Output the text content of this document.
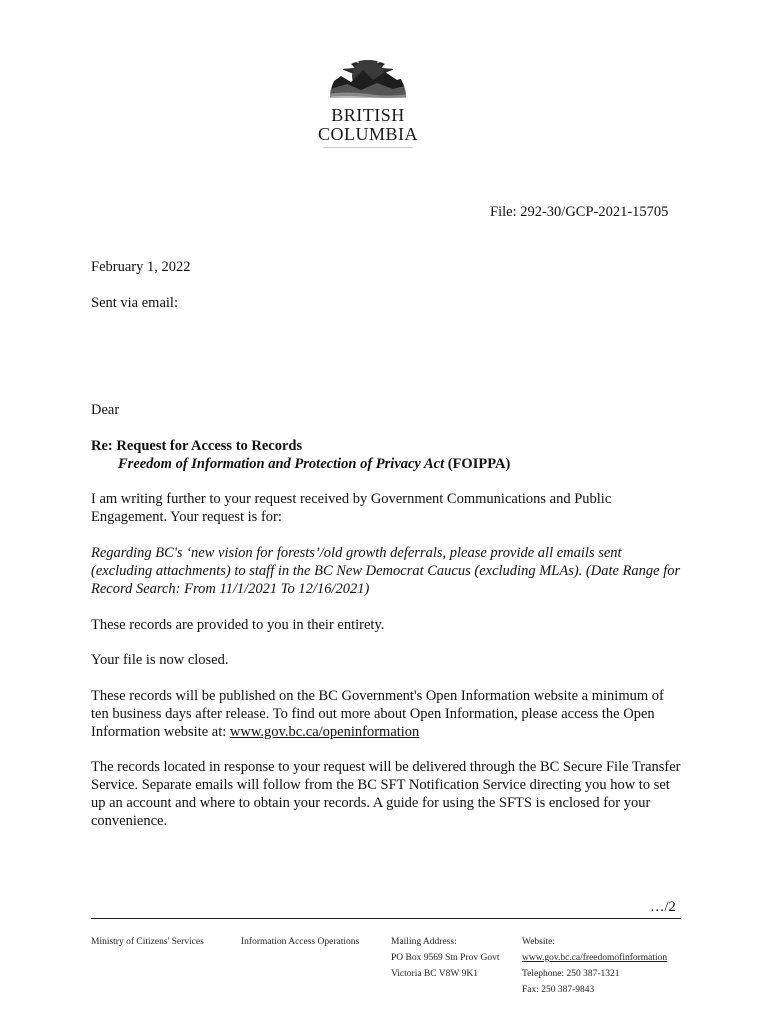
BRITISH
COLUMBIA
File: 292-30/GCP-2021-15705

February 1, 2022

Sent via email:

Dear

Re: Request for Access to Records
Freedom of Information and Protection of Privacy Act (FOIPPA)

I am writing further to your request received by Government Communications and Public Engagement. Your request is for:

Regarding BC's ‘new vision for forests’/old growth deferrals, please provide all emails sent (excluding attachments) to staff in the BC New Democrat Caucus (excluding MLAs). (Date Range for Record Search: From 11/1/2021 To 12/16/2021)

These records are provided to you in their entirety.

Your file is now closed.

These records will be published on the BC Government's Open Information website a minimum of ten business days after release. To find out more about Open Information, please access the Open Information website at: www.gov.bc.ca/openinformation

The records located in response to your request will be delivered through the BC Secure File Transfer Service. Separate emails will follow from the BC SFT Notification Service directing you how to set up an account and where to obtain your records. A guide for using the SFTS is enclosed for your convenience.

…/2
Ministry of Citizens' Services	Information Access Operations	Mailing Address:
PO Box 9569 Stn Prov Govt
Victoria BC V8W 9K1
Website:
www.gov.bc.ca/freedomofinformation
Telephone: 250 387-1321
Fax: 250 387-9843
